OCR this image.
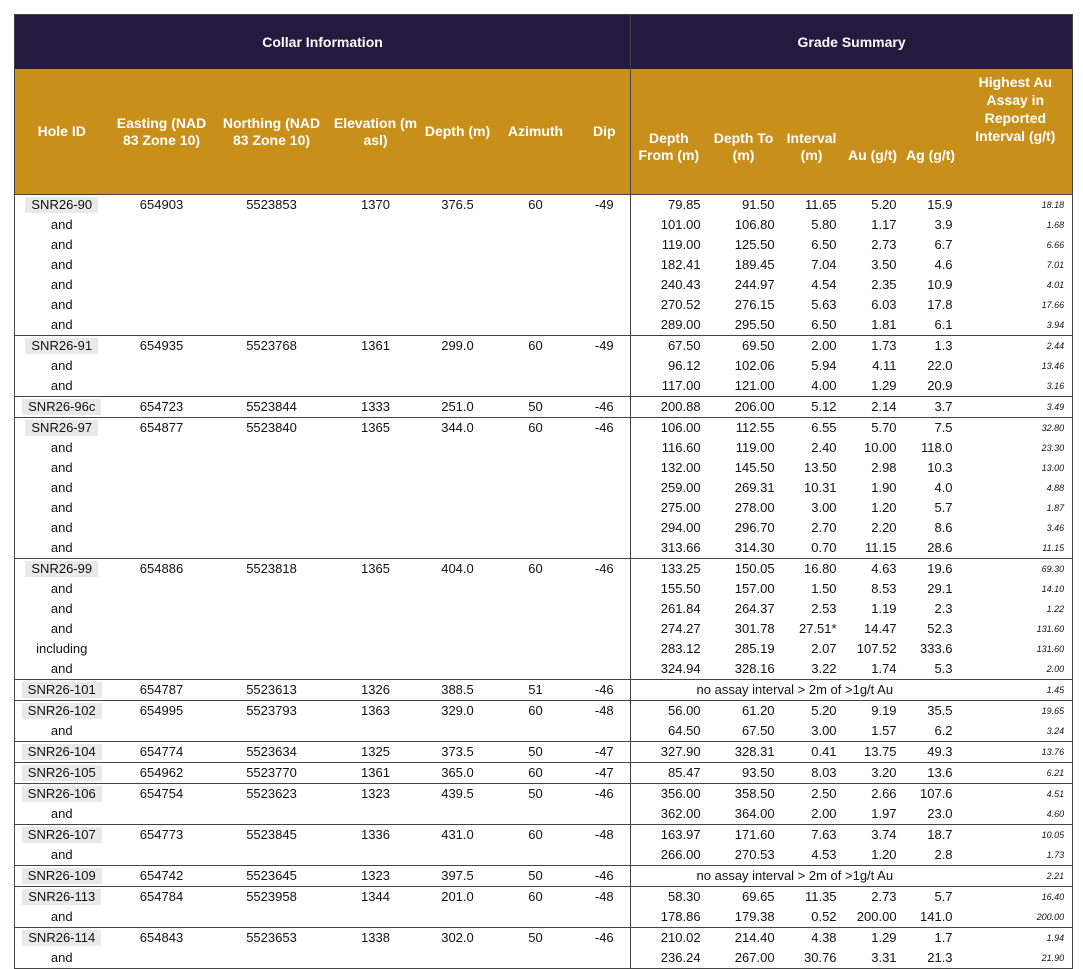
Collar Information							Grade Summary					
Hole ID	Easting (NAD 83 Zone 10)	Northing (NAD 83 Zone 10)	Elevation (m asl)	Depth (m)	Azimuth	Dip	Depth From (m)	Depth To (m)	Interval (m)	Au (g/t)	Ag (g/t)	Highest Au Assay in Reported Interval (g/t)
SNR26-90	654903	5523853	1370	376.5	60	-49	79.85	91.50	11.65	5.20	15.9	18.18
and							101.00	106.80	5.80	1.17	3.9	1.68
and							119.00	125.50	6.50	2.73	6.7	6.66
and							182.41	189.45	7.04	3.50	4.6	7.01
and							240.43	244.97	4.54	2.35	10.9	4.01
and							270.52	276.15	5.63	6.03	17.8	17.66
and							289.00	295.50	6.50	1.81	6.1	3.94
SNR26-91	654935	5523768	1361	299.0	60	-49	67.50	69.50	2.00	1.73	1.3	2.44
and							96.12	102.06	5.94	4.11	22.0	13.46
and							117.00	121.00	4.00	1.29	20.9	3.16
SNR26-96c	654723	5523844	1333	251.0	50	-46	200.88	206.00	5.12	2.14	3.7	3.49
SNR26-97	654877	5523840	1365	344.0	60	-46	106.00	112.55	6.55	5.70	7.5	32.80
and							116.60	119.00	2.40	10.00	118.0	23.30
and							132.00	145.50	13.50	2.98	10.3	13.00
and							259.00	269.31	10.31	1.90	4.0	4.88
and							275.00	278.00	3.00	1.20	5.7	1.87
and							294.00	296.70	2.70	2.20	8.6	3.46
and							313.66	314.30	0.70	11.15	28.6	11.15
SNR26-99	654886	5523818	1365	404.0	60	-46	133.25	150.05	16.80	4.63	19.6	69.30
and							155.50	157.00	1.50	8.53	29.1	14.10
and							261.84	264.37	2.53	1.19	2.3	1.22
and							274.27	301.78	27.51*	14.47	52.3	131.60
including							283.12	285.19	2.07	107.52	333.6	131.60
and							324.94	328.16	3.22	1.74	5.3	2.00
SNR26-101	654787	5523613	1326	388.5	51	-46	no assay interval > 2m of >1g/t Au					1.45
SNR26-102	654995	5523793	1363	329.0	60	-48	56.00	61.20	5.20	9.19	35.5	19.65
and							64.50	67.50	3.00	1.57	6.2	3.24
SNR26-104	654774	5523634	1325	373.5	50	-47	327.90	328.31	0.41	13.75	49.3	13.76
SNR26-105	654962	5523770	1361	365.0	60	-47	85.47	93.50	8.03	3.20	13.6	6.21
SNR26-106	654754	5523623	1323	439.5	50	-46	356.00	358.50	2.50	2.66	107.6	4.51
and							362.00	364.00	2.00	1.97	23.0	4.60
SNR26-107	654773	5523845	1336	431.0	60	-48	163.97	171.60	7.63	3.74	18.7	10.05
and							266.00	270.53	4.53	1.20	2.8	1.73
SNR26-109	654742	5523645	1323	397.5	50	-46	no assay interval > 2m of >1g/t Au					2.21
SNR26-113	654784	5523958	1344	201.0	60	-48	58.30	69.65	11.35	2.73	5.7	16.40
and							178.86	179.38	0.52	200.00	141.0	200.00
SNR26-114	654843	5523653	1338	302.0	50	-46	210.02	214.40	4.38	1.29	1.7	1.94
and							236.24	267.00	30.76	3.31	21.3	21.90
